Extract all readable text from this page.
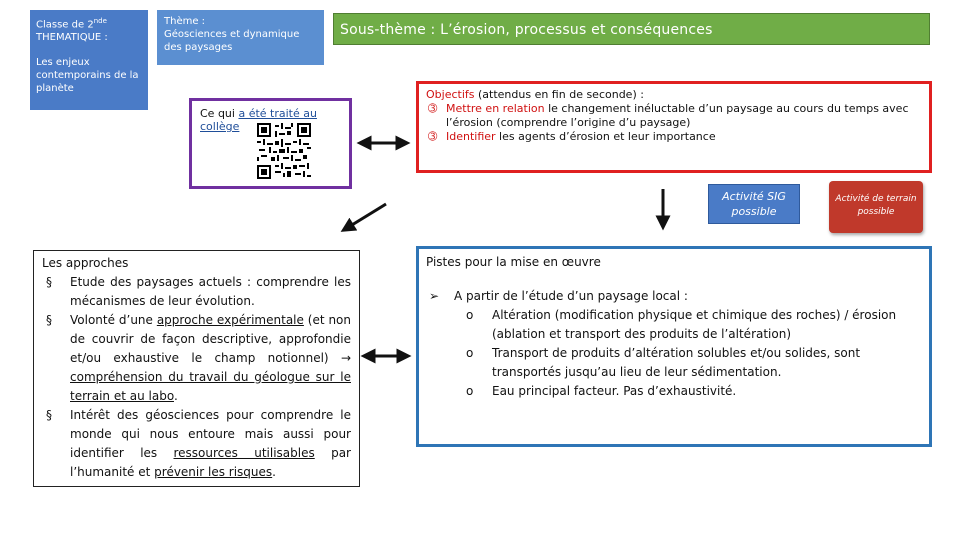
Classe de 2nde
THEMATIQUE :
Les enjeux contemporains de la planète
Thème :
Géosciences et dynamique des paysages
Sous-thème : L’érosion, processus et conséquences
Ce qui a été traité au collège
Objectifs (attendus en fin de seconde) :
➂ Mettre en relation le changement inéluctable d’un paysage au cours du temps avec l’érosion (comprendre l’origine d’u paysage)
➂ Identifier les agents d’érosion et leur importance
Activité SIG possible
Activité de terrain possible
Les approches
§ Etude des paysages actuels : comprendre les mécanismes de leur évolution.
§ Volonté d’une approche expérimentale (et non de couvrir de façon descriptive, approfondie et/ou exhaustive le champ notionnel) → compréhension du travail du géologue sur le terrain et au labo.
§ Intérêt des géosciences pour comprendre le monde qui nous entoure mais aussi pour identifier les ressources utilisables par l’humanité et prévenir les risques.
Pistes pour la mise en œuvre
➢ A partir de l’étude d’un paysage local :
o Altération (modification physique et chimique des roches) / érosion (ablation et transport des produits de l’altération)
o Transport de produits d’altération solubles et/ou solides, sont transportés jusqu’au lieu de leur sédimentation.
o Eau principal facteur. Pas d’exhaustivité.
